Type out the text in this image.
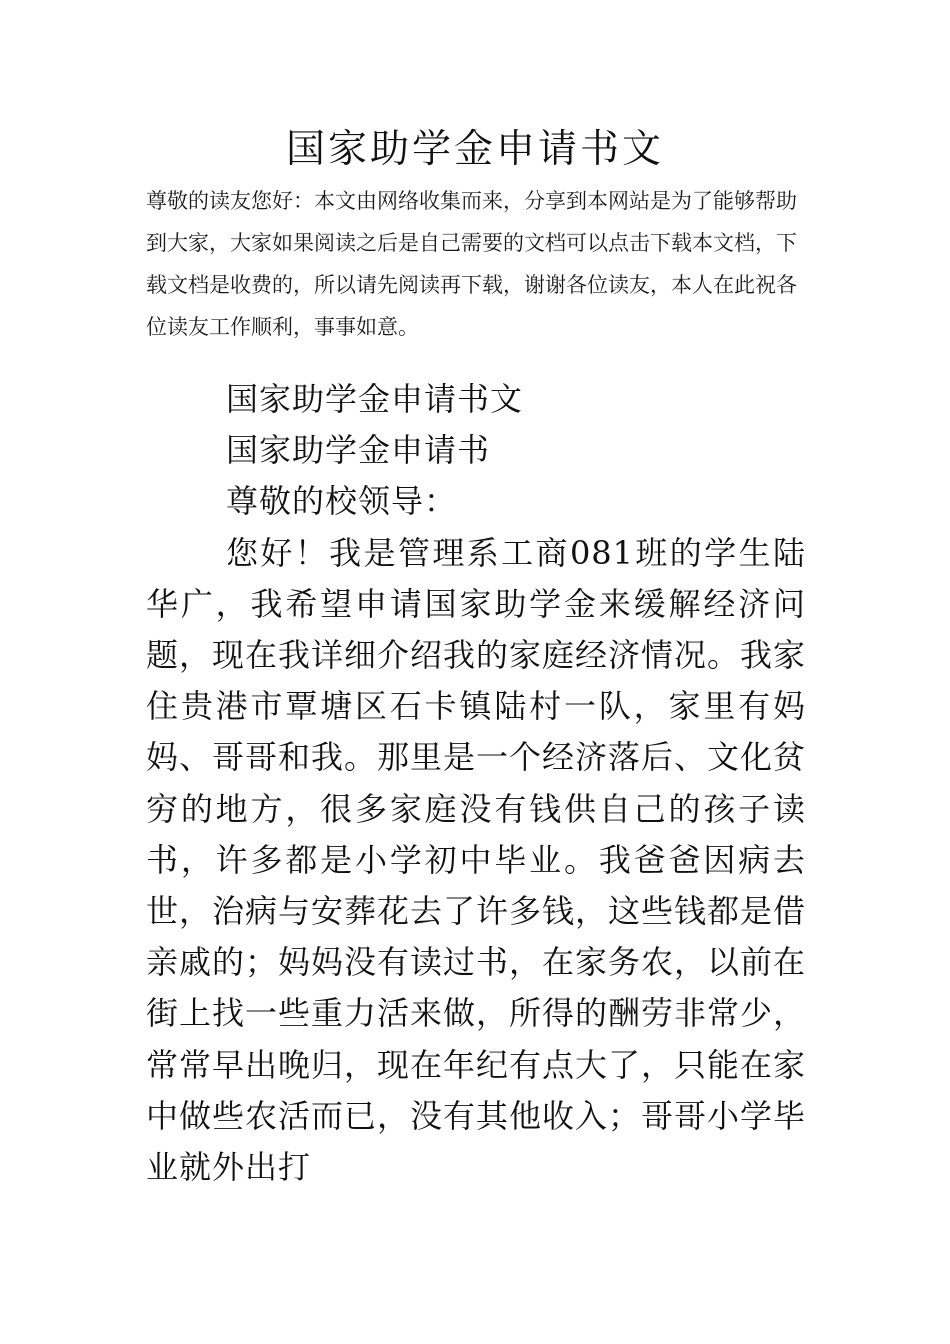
国家助学金申请书文

尊敬的读友您好：本文由网络收集而来，分享到本网站是为了能够帮助到大家，大家如果阅读之后是自己需要的文档可以点击下载本文档，下载文档是收费的，所以请先阅读再下载，谢谢各位读友，本人在此祝各位读友工作顺利，事事如意。

国家助学金申请书文

国家助学金申请书

尊敬的校领导：

您好！我是管理系工商081班的学生陆华广，我希望申请国家助学金来缓解经济问题，现在我详细介绍我的家庭经济情况。我家住贵港市覃塘区石卡镇陆村一队，家里有妈妈、哥哥和我。那里是一个经济落后、文化贫穷的地方，很多家庭没有钱供自己的孩子读书，许多都是小学初中毕业。我爸爸因病去世，治病与安葬花去了许多钱，这些钱都是借亲戚的；妈妈没有读过书，在家务农，以前在街上找一些重力活来做，所得的酬劳非常少，常常早出晚归，现在年纪有点大了，只能在家中做些农活而已，没有其他收入；哥哥小学毕业就外出打
